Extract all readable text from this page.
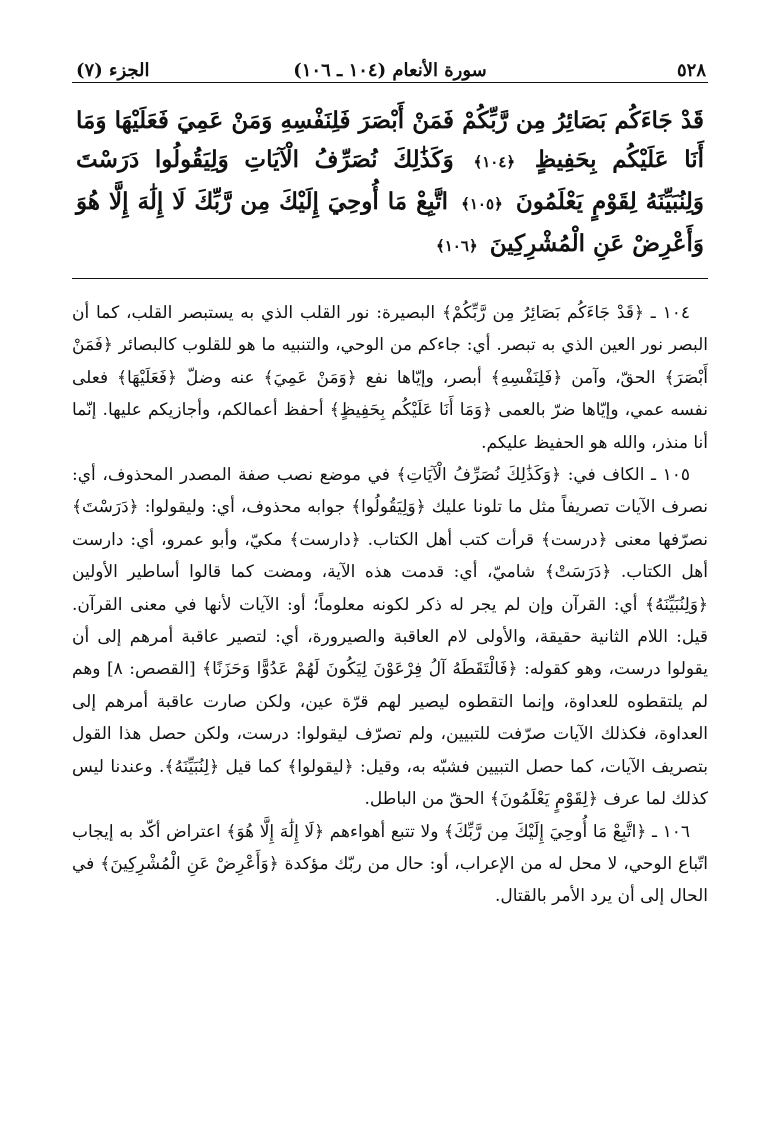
٥٢٨
سورة الأنعام (١٠٤ ـ ١٠٦)
الجزء (٧)
قَدْ جَاءَكُم بَصَائِرُ مِن رَّبِّكُمْ فَمَنْ أَبْصَرَ فَلِنَفْسِهِ وَمَنْ عَمِيَ فَعَلَيْهَا وَمَا أَنَا عَلَيْكُم بِحَفِيظٍ ﴿١٠٤﴾ وَكَذَٰلِكَ نُصَرِّفُ الْآيَاتِ وَلِيَقُولُوا دَرَسْتَ وَلِنُبَيِّنَهُ لِقَوْمٍ يَعْلَمُونَ ﴿١٠٥﴾ اتَّبِعْ مَا أُوحِيَ إِلَيْكَ مِن رَّبِّكَ لَا إِلَٰهَ إِلَّا هُوَ وَأَعْرِضْ عَنِ الْمُشْرِكِينَ ﴿١٠٦﴾

١٠٤ ـ ﴿قَدْ جَاءَكُم بَصَائِرُ مِن رَّبِّكُمْ﴾ البصيرة: نور القلب الذي به يستبصر القلب، كما أن البصر نور العين الذي به تبصر. أي: جاءكم من الوحي، والتنبيه ما هو للقلوب كالبصائر ﴿فَمَنْ أَبْصَرَ﴾ الحقّ، وآمن ﴿فَلِنَفْسِهِ﴾ أبصر، وإيّاها نفع ﴿وَمَنْ عَمِيَ﴾ عنه وضلّ ﴿فَعَلَيْهَا﴾ فعلى نفسه عمي، وإيّاها ضرّ بالعمى ﴿وَمَا أَنَا عَلَيْكُم بِحَفِيظٍ﴾ أحفظ أعمالكم، وأجازيكم عليها. إنّما أنا منذر، والله هو الحفيظ عليكم.

١٠٥ ـ الكاف في: ﴿وَكَذَٰلِكَ نُصَرِّفُ الْآيَاتِ﴾ في موضع نصب صفة المصدر المحذوف، أي: نصرف الآيات تصريفاً مثل ما تلونا عليك ﴿وَلِيَقُولُوا﴾ جوابه محذوف، أي: وليقولوا: ﴿دَرَسْتَ﴾ نصرّفها معنى ﴿درست﴾ قرأت كتب أهل الكتاب. ﴿دارست﴾ مكيّ، وأبو عمرو، أي: دارست أهل الكتاب. ﴿دَرَسَتْ﴾ شاميّ، أي: قدمت هذه الآية، ومضت كما قالوا أساطير الأولين ﴿وَلِنُبَيِّنَهُ﴾ أي: القرآن وإن لم يجر له ذكر لكونه معلوماً؛ أو: الآيات لأنها في معنى القرآن. قيل: اللام الثانية حقيقة، والأولى لام العاقبة والصيرورة، أي: لتصير عاقبة أمرهم إلى أن يقولوا درست، وهو كقوله: ﴿فَالْتَقَطَهُ آلُ فِرْعَوْنَ لِيَكُونَ لَهُمْ عَدُوًّا وَحَزَنًا﴾ [القصص: ٨] وهم لم يلتقطوه للعداوة، وإنما التقطوه ليصير لهم قرّة عين، ولكن صارت عاقبة أمرهم إلى العداوة، فكذلك الآيات صرّفت للتبيين، ولم تصرّف ليقولوا: درست، ولكن حصل هذا القول بتصريف الآيات، كما حصل التبيين فشبّه به، وقيل: ﴿ليقولوا﴾ كما قيل ﴿لِنُبَيِّنَهُ﴾. وعندنا ليس كذلك لما عرف ﴿لِقَوْمٍ يَعْلَمُونَ﴾ الحقّ من الباطل.

١٠٦ ـ ﴿اتَّبِعْ مَا أُوحِيَ إِلَيْكَ مِن رَّبِّكَ﴾ ولا تتبع أهواءهم ﴿لَا إِلَٰهَ إِلَّا هُوَ﴾ اعتراض أكّد به إيجاب اتّباع الوحي، لا محل له من الإعراب، أو: حال من ربّك مؤكدة ﴿وَأَعْرِضْ عَنِ الْمُشْرِكِينَ﴾ في الحال إلى أن يرد الأمر بالقتال.
